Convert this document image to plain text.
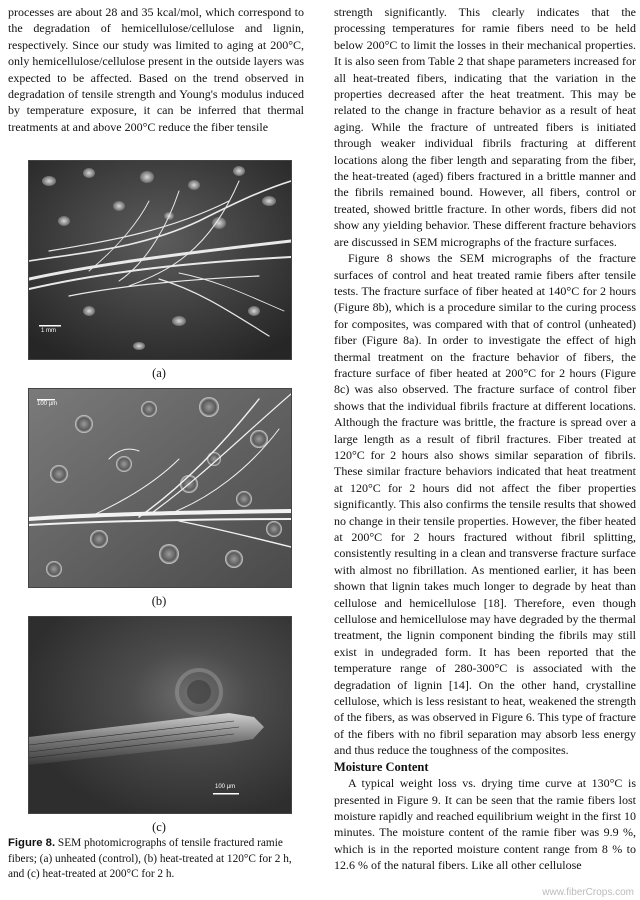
processes are about 28 and 35 kcal/mol, which correspond to the degradation of hemicellulose/cellulose and lignin, respectively. Since our study was limited to aging at 200°C, only hemicellulose/cellulose present in the outside layers was expected to be affected. Based on the trend observed in degradation of tensile strength and Young's modulus induced by temperature exposure, it can be inferred that thermal treatments at and above 200°C reduce the fiber tensile

1 mm
(a)
100 µm
(b)
100 µm
(c)
Figure 8. SEM photomicrographs of tensile fractured ramie fibers; (a) unheated (control), (b) heat-treated at 120°C for 2 h, and (c) heat-treated at 200°C for 2 h.

strength significantly. This clearly indicates that the processing temperatures for ramie fibers need to be held below 200°C to limit the losses in their mechanical properties. It is also seen from Table 2 that shape parameters increased for all heat-treated fibers, indicating that the variation in the properties decreased after the heat treatment. This may be related to the change in fracture behavior as a result of heat aging. While the fracture of untreated fibers is initiated through weaker individual fibrils fracturing at different locations along the fiber length and separating from the fiber, the heat-treated (aged) fibers fractured in a brittle manner and the fibrils remained bound. However, all fibers, control or treated, showed brittle fracture. In other words, fibers did not show any yielding behavior. These different fracture behaviors are discussed in SEM micrographs of the fracture surfaces.

Figure 8 shows the SEM micrographs of the fracture surfaces of control and heat treated ramie fibers after tensile tests. The fracture surface of fiber heated at 140°C for 2 hours (Figure 8b), which is a procedure similar to the curing process for composites, was compared with that of control (unheated) fiber (Figure 8a). In order to investigate the effect of high thermal treatment on the fracture behavior of fibers, the fracture surface of fiber heated at 200°C for 2 hours (Figure 8c) was also observed. The fracture surface of control fiber shows that the individual fibrils fracture at different locations. Although the fracture was brittle, the fracture is spread over a large length as a result of fibril fractures. Fiber treated at 120°C for 2 hours also shows similar separation of fibrils. These similar fracture behaviors indicated that heat treatment at 120°C for 2 hours did not affect the fiber properties significantly. This also confirms the tensile results that showed no change in their tensile properties. However, the fiber heated at 200°C for 2 hours fractured without fibril splitting, consistently resulting in a clean and transverse fracture surface with almost no fibrillation. As mentioned earlier, it has been shown that lignin takes much longer to degrade by heat than cellulose and hemicellulose [18]. Therefore, even though cellulose and hemicellulose may have degraded by the thermal treatment, the lignin component binding the fibrils may still exist in undegraded form. It has been reported that the temperature range of 280-300°C is associated with the degradation of lignin [14]. On the other hand, crystalline cellulose, which is less resistant to heat, weakened the strength of the fibers, as was observed in Figure 6. This type of fracture of the fibers with no fibril separation may absorb less energy and thus reduce the toughness of the composites.

Moisture Content

A typical weight loss vs. drying time curve at 130°C is presented in Figure 9. It can be seen that the ramie fibers lost moisture rapidly and reached equilibrium weight in the first 10 minutes. The moisture content of the ramie fiber was 9.9 %, which is in the reported moisture content range from 8 % to 12.6 % of the natural fibers. Like all other cellulose

www.fiberCrops.com
